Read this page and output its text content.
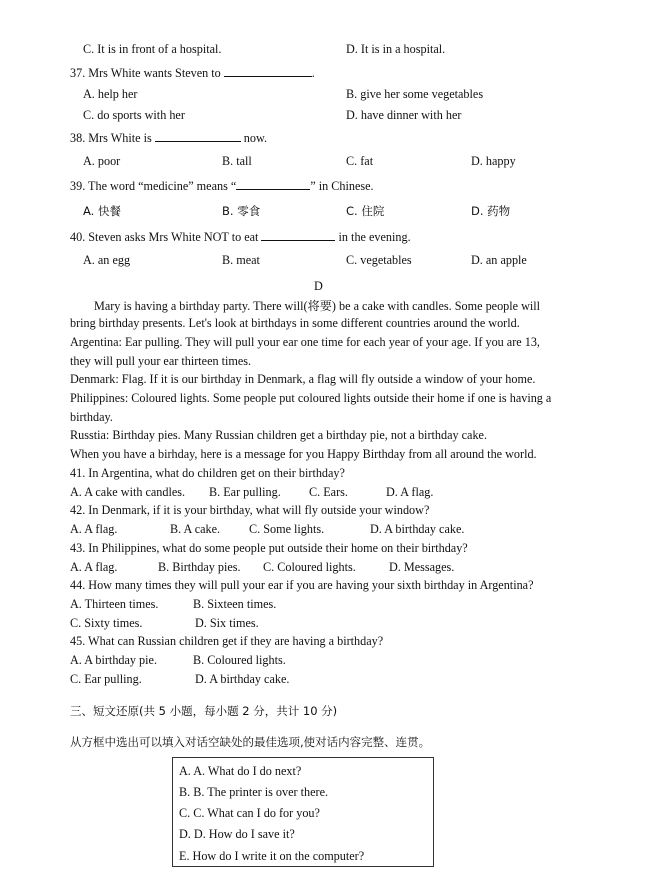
C. It is in front of a hospital.	D. It is in a hospital.
37. Mrs White wants Steven to	.
A. help her	B. give her some vegetables
C. do sports with her	D. have dinner with her
38. Mrs White is	now.
A. poor	B. tall	C. fat	D. happy
39. The word “medicine” means “	” in Chinese.
A. 快餐	B. 零食	C. 住院	D. 药物
40. Steven asks Mrs White NOT to eat	in the evening.
A. an egg	B. meat	C. vegetables	D. an apple
D
Mary is having a birthday party. There will(将要) be a cake with candles. Some people will
bring birthday presents. Let's look at birthdays in some different countries around the world.
Argentina: Ear pulling. They will pull your ear one time for each year of your age. If you are 13,
they will pull your ear thirteen times.
Denmark: Flag. If it is our birthday in Denmark, a flag will fly outside a window of your home.
Philippines: Coloured lights. Some people put coloured lights outside their home if one is having a
birthday.
Russtia: Birthday pies. Many Russian children get a birthday pie, not a birthday cake.
When you have a birhday, here is a message for you Happy Birthday from all around the world.
41. In Argentina, what do children get on their birthday?
A. A cake with candles. B. Ear pulling. C. Ears.	D. A flag.
42. In Denmark, if it is your birthday, what will fly outside your window?
A. A flag.	B. A cake. C. Some lights.	D. A birthday cake.
43. In Philippines, what do some people put outside their home on their birthday?
A. A flag.	B. Birthday pies. C. Coloured lights.	D. Messages.
44. How many times they will pull your ear if you are having your sixth birthday in Argentina?
A. Thirteen times.	B. Sixteen times.
C. Sixty times.	D. Six times.
45. What can Russian children get if they are having a birthday?
A. A birthday pie.	B. Coloured lights.
C. Ear pulling.	D. A birthday cake.
三、短文还原(共 5 小题，每小题 2 分，共计 10 分)
从方框中选出可以填入对话空缺处的最佳选项,使对话内容完整、连贯。
A. A. What do I do next?
B. B. The printer is over there.
C. C. What can I do for you?
D. D. How do I save it?
E. How do I write it on the computer?
